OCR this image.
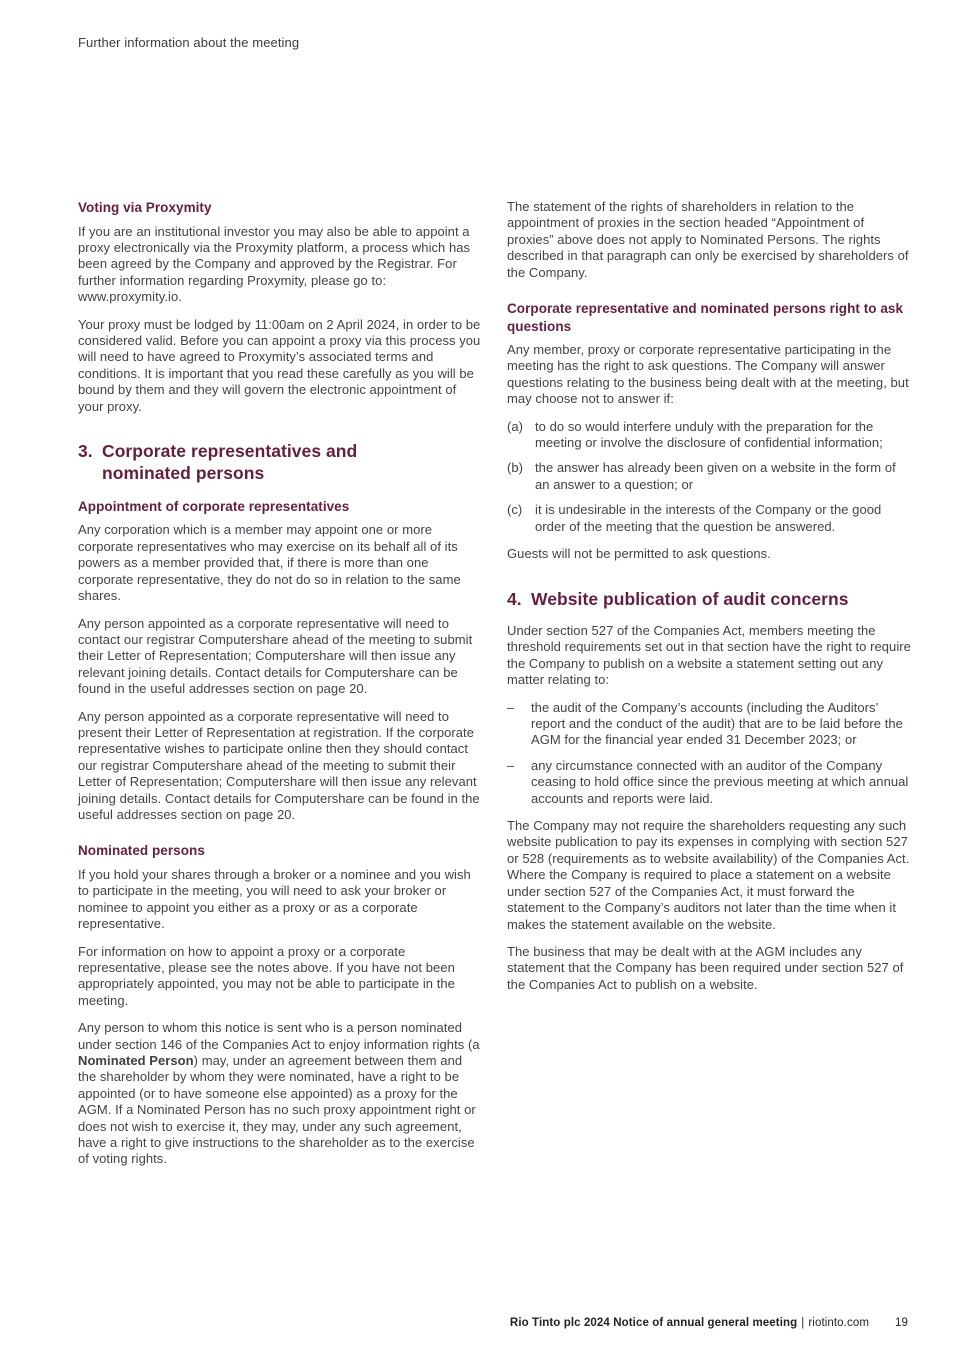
Further information about the meeting
Voting via Proxymity

If you are an institutional investor you may also be able to appoint a proxy electronically via the Proxymity platform, a process which has been agreed by the Company and approved by the Registrar. For further information regarding Proxymity, please go to: www.proxymity.io.

Your proxy must be lodged by 11:00am on 2 April 2024, in order to be considered valid. Before you can appoint a proxy via this process you will need to have agreed to Proxymity’s associated terms and conditions. It is important that you read these carefully as you will be bound by them and they will govern the electronic appointment of your proxy.

3. Corporate representatives and nominated persons
Appointment of corporate representatives

Any corporation which is a member may appoint one or more corporate representatives who may exercise on its behalf all of its powers as a member provided that, if there is more than one corporate representative, they do not do so in relation to the same shares.

Any person appointed as a corporate representative will need to contact our registrar Computershare ahead of the meeting to submit their Letter of Representation; Computershare will then issue any relevant joining details. Contact details for Computershare can be found in the useful addresses section on page 20.

Any person appointed as a corporate representative will need to present their Letter of Representation at registration. If the corporate representative wishes to participate online then they should contact our registrar Computershare ahead of the meeting to submit their Letter of Representation; Computershare will then issue any relevant joining details. Contact details for Computershare can be found in the useful addresses section on page 20.

Nominated persons

If you hold your shares through a broker or a nominee and you wish to participate in the meeting, you will need to ask your broker or nominee to appoint you either as a proxy or as a corporate representative.

For information on how to appoint a proxy or a corporate representative, please see the notes above. If you have not been appropriately appointed, you may not be able to participate in the meeting.

Any person to whom this notice is sent who is a person nominated under section 146 of the Companies Act to enjoy information rights (a Nominated Person) may, under an agreement between them and the shareholder by whom they were nominated, have a right to be appointed (or to have someone else appointed) as a proxy for the AGM. If a Nominated Person has no such proxy appointment right or does not wish to exercise it, they may, under any such agreement, have a right to give instructions to the shareholder as to the exercise of voting rights.

The statement of the rights of shareholders in relation to the appointment of proxies in the section headed “Appointment of proxies” above does not apply to Nominated Persons. The rights described in that paragraph can only be exercised by shareholders of the Company.

Corporate representative and nominated persons right to ask questions

Any member, proxy or corporate representative participating in the meeting has the right to ask questions. The Company will answer questions relating to the business being dealt with at the meeting, but may choose not to answer if:

(a) to do so would interfere unduly with the preparation for the meeting or involve the disclosure of confidential information;
(b) the answer has already been given on a website in the form of an answer to a question; or
(c) it is undesirable in the interests of the Company or the good order of the meeting that the question be answered.

Guests will not be permitted to ask questions.

4. Website publication of audit concerns

Under section 527 of the Companies Act, members meeting the threshold requirements set out in that section have the right to require the Company to publish on a website a statement setting out any matter relating to:

–	the audit of the Company’s accounts (including the Auditors’ report and the conduct of the audit) that are to be laid before the AGM for the financial year ended 31 December 2023; or
–	any circumstance connected with an auditor of the Company ceasing to hold office since the previous meeting at which annual accounts and reports were laid.

The Company may not require the shareholders requesting any such website publication to pay its expenses in complying with section 527 or 528 (requirements as to website availability) of the Companies Act. Where the Company is required to place a statement on a website under section 527 of the Companies Act, it must forward the statement to the Company’s auditors not later than the time when it makes the statement available on the website.

The business that may be dealt with at the AGM includes any statement that the Company has been required under section 527 of the Companies Act to publish on a website.

Rio Tinto plc 2024 Notice of annual general meeting | riotinto.com 19
